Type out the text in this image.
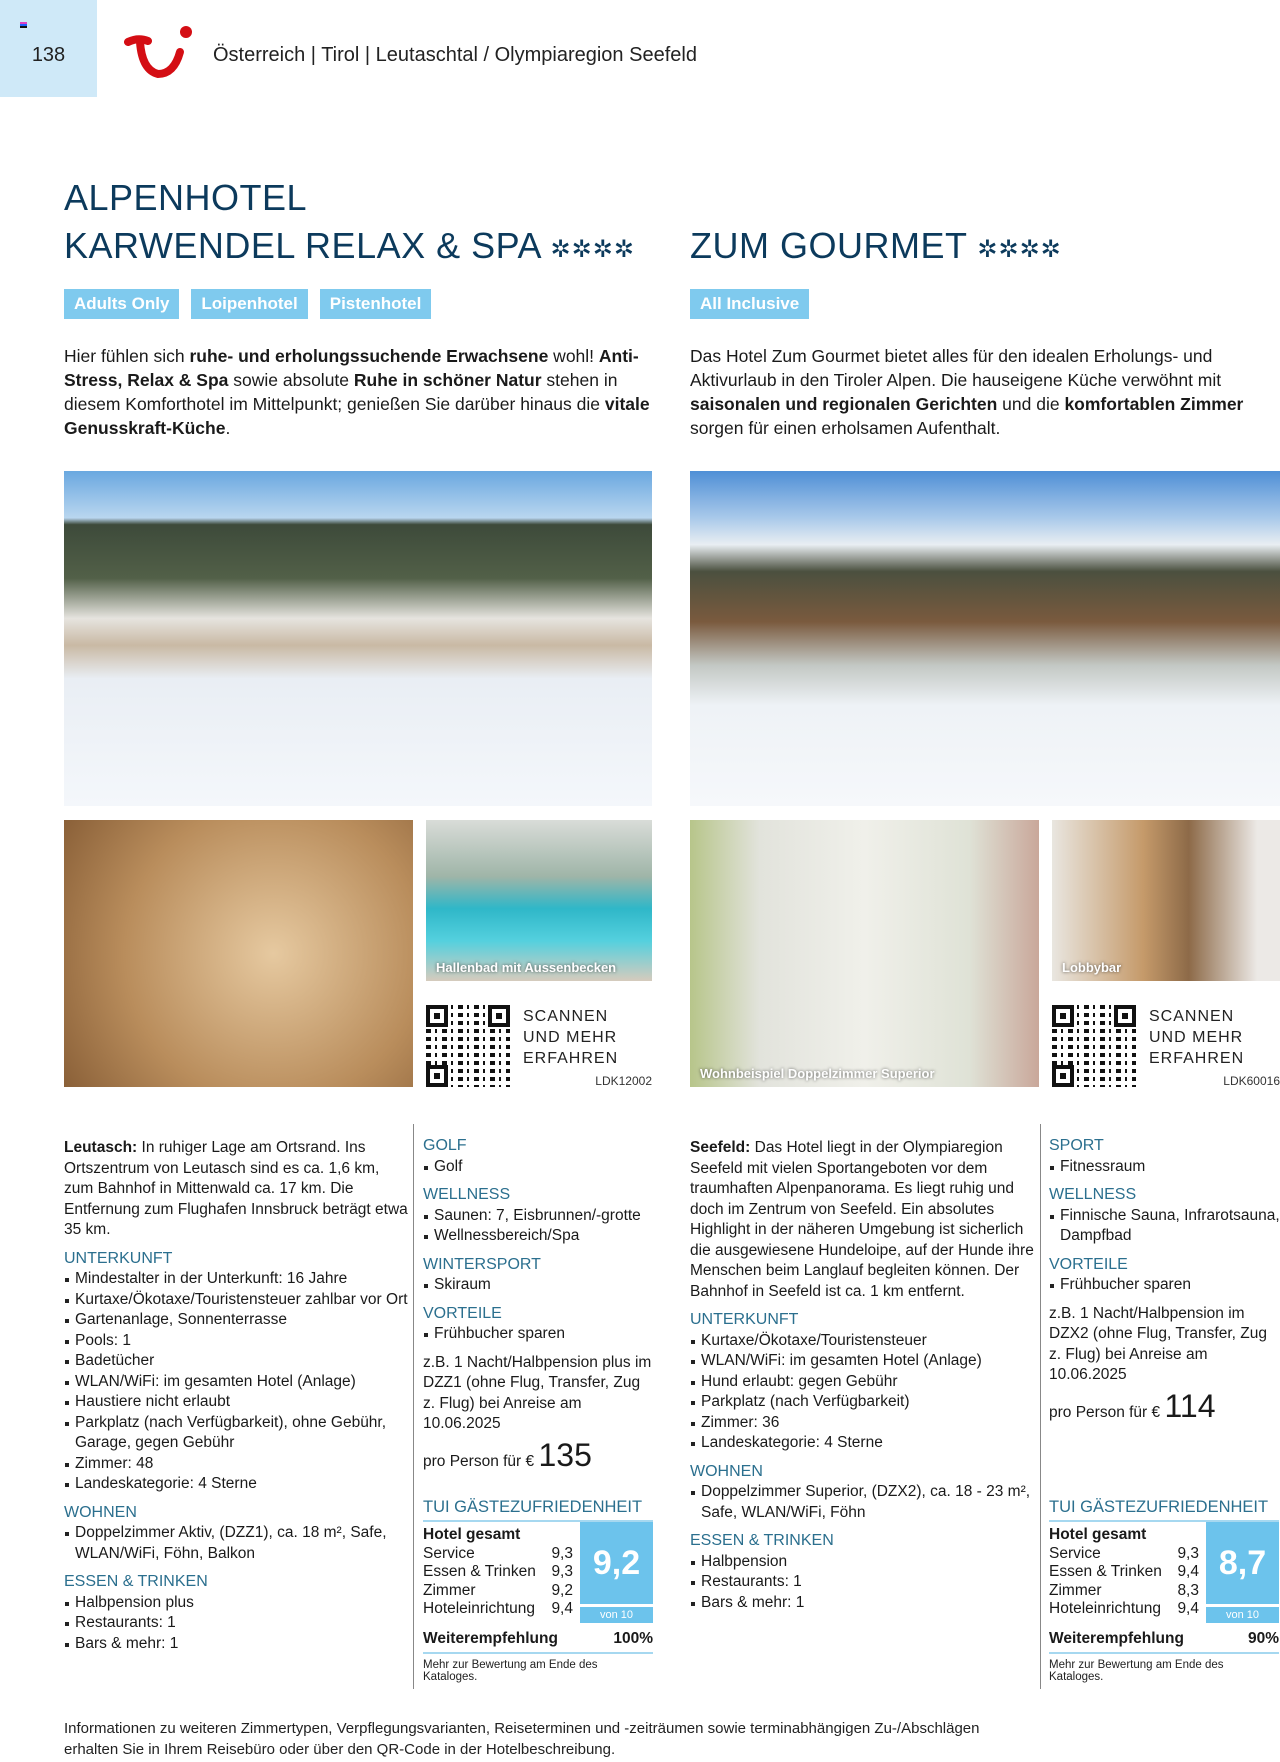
138	Österreich | Tirol | Leutaschtal / Olympiaregion Seefeld
ALPENHOTEL
KARWENDEL RELAX & SPA ✲✲✲✲
Adults Only	Loipenhotel	Pistenhotel
Hier fühlen sich ruhe- und erholungssuchende Erwachsene wohl! Anti-Stress, Relax & Spa sowie absolute Ruhe in schöner Natur stehen in diesem Komforthotel im Mittelpunkt; genießen Sie darüber hinaus die vitale Genusskraft-Küche.
Hallenbad mit Aussenbecken
SCANNEN
UND MEHR
ERFAHREN
LDK12002
Leutasch: In ruhiger Lage am Ortsrand. Ins Ortszentrum von Leutasch sind es ca. 1,6 km, zum Bahnhof in Mittenwald ca. 17 km. Die Entfernung zum Flughafen Innsbruck beträgt etwa 35 km.
UNTERKUNFT
Mindestalter in der Unterkunft: 16 Jahre
Kurtaxe/Ökotaxe/Touristensteuer zahlbar vor Ort
Gartenanlage, Sonnenterrasse
Pools: 1
Badetücher
WLAN/WiFi: im gesamten Hotel (Anlage)
Haustiere nicht erlaubt
Parkplatz (nach Verfügbarkeit), ohne Gebühr, Garage, gegen Gebühr
Zimmer: 48
Landeskategorie: 4 Sterne
WOHNEN
Doppelzimmer Aktiv, (DZZ1), ca. 18 m², Safe, WLAN/WiFi, Föhn, Balkon
ESSEN & TRINKEN
Halbpension plus
Restaurants: 1
Bars & mehr: 1
GOLF
Golf
WELLNESS
Saunen: 7, Eisbrunnen/-grotte
Wellnessbereich/Spa
WINTERSPORT
Skiraum
VORTEILE
Frühbucher sparen
z.B. 1 Nacht/Halbpension plus im DZZ1 (ohne Flug, Transfer, Zug z. Flug) bei Anreise am 10.06.2025
pro Person für € 135
TUI GÄSTEZUFRIEDENHEIT
Hotel gesamt
Service	9,3
Essen & Trinken 9,3
Zimmer	9,2
Hoteleinrichtung 9,4
9,2
von 10
Weiterempfehlung	100%
Mehr zur Bewertung am Ende des Kataloges.
ZUM GOURMET ✲✲✲✲
All Inclusive
Das Hotel Zum Gourmet bietet alles für den idealen Erholungs- und Aktivurlaub in den Tiroler Alpen. Die hauseigene Küche verwöhnt mit saisonalen und regionalen Gerichten und die komfortablen Zimmer sorgen für einen erholsamen Aufenthalt.
Wohnbeispiel Doppelzimmer Superior
Lobbybar
SCANNEN
UND MEHR
ERFAHREN
LDK60016
Seefeld: Das Hotel liegt in der Olympiaregion Seefeld mit vielen Sportangeboten vor dem traumhaften Alpenpanorama. Es liegt ruhig und doch im Zentrum von Seefeld. Ein absolutes Highlight in der näheren Umgebung ist sicherlich die ausgewiesene Hundeloipe, auf der Hunde ihre Menschen beim Langlauf begleiten können. Der Bahnhof in Seefeld ist ca. 1 km entfernt.
UNTERKUNFT
Kurtaxe/Ökotaxe/Touristensteuer
WLAN/WiFi: im gesamten Hotel (Anlage)
Hund erlaubt: gegen Gebühr
Parkplatz (nach Verfügbarkeit)
Zimmer: 36
Landeskategorie: 4 Sterne
WOHNEN
Doppelzimmer Superior, (DZX2), ca. 18 - 23 m², Safe, WLAN/WiFi, Föhn
ESSEN & TRINKEN
Halbpension
Restaurants: 1
Bars & mehr: 1
SPORT
Fitnessraum
WELLNESS
Finnische Sauna, Infrarotsauna, Dampfbad
VORTEILE
Frühbucher sparen
z.B. 1 Nacht/Halbpension im DZX2 (ohne Flug, Transfer, Zug z. Flug) bei Anreise am 10.06.2025
pro Person für € 114
TUI GÄSTEZUFRIEDENHEIT
Hotel gesamt
Service	9,3
Essen & Trinken 9,4
Zimmer	8,3
Hoteleinrichtung 9,4
8,7
von 10
Weiterempfehlung	90%
Mehr zur Bewertung am Ende des Kataloges.
Informationen zu weiteren Zimmertypen, Verpflegungsvarianten, Reiseterminen und -zeiträumen sowie terminabhängigen Zu-/Abschlägen
erhalten Sie in Ihrem Reisebüro oder über den QR-Code in der Hotelbeschreibung.
